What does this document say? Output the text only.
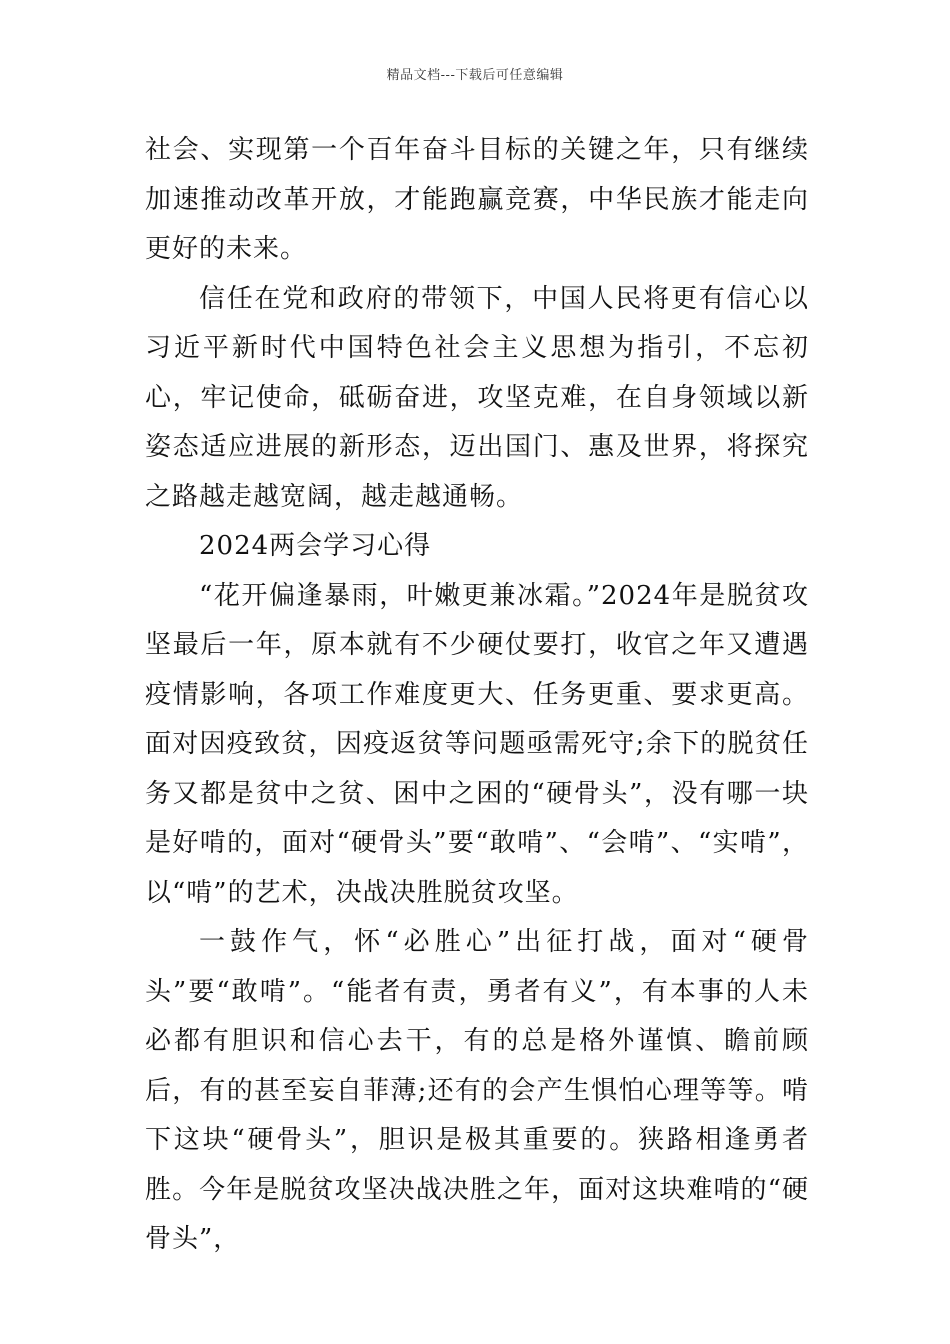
精品文档---下载后可任意编辑

社会、实现第一个百年奋斗目标的关键之年，只有继续加速推动改革开放，才能跑赢竞赛，中华民族才能走向更好的未来。

信任在党和政府的带领下，中国人民将更有信心以习近平新时代中国特色社会主义思想为指引，不忘初心，牢记使命，砥砺奋进，攻坚克难，在自身领域以新姿态适应进展的新形态，迈出国门、惠及世界，将探究之路越走越宽阔，越走越通畅。

2024两会学习心得

“花开偏逢暴雨，叶嫩更兼冰霜。”2024年是脱贫攻坚最后一年，原本就有不少硬仗要打，收官之年又遭遇疫情影响，各项工作难度更大、任务更重、要求更高。面对因疫致贫，因疫返贫等问题亟需死守;余下的脱贫任务又都是贫中之贫、困中之困的“硬骨头”，没有哪一块是好啃的，面对“硬骨头”要“敢啃”、“会啃”、“实啃”，以“啃”的艺术，决战决胜脱贫攻坚。

一鼓作气，怀“必胜心”出征打战，面对“硬骨头”要“敢啃”。“能者有责，勇者有义”，有本事的人未必都有胆识和信心去干，有的总是格外谨慎、瞻前顾后，有的甚至妄自菲薄;还有的会产生惧怕心理等等。啃下这块“硬骨头”，胆识是极其重要的。狭路相逢勇者胜。今年是脱贫攻坚决战决胜之年，面对这块难啃的“硬骨头”，
